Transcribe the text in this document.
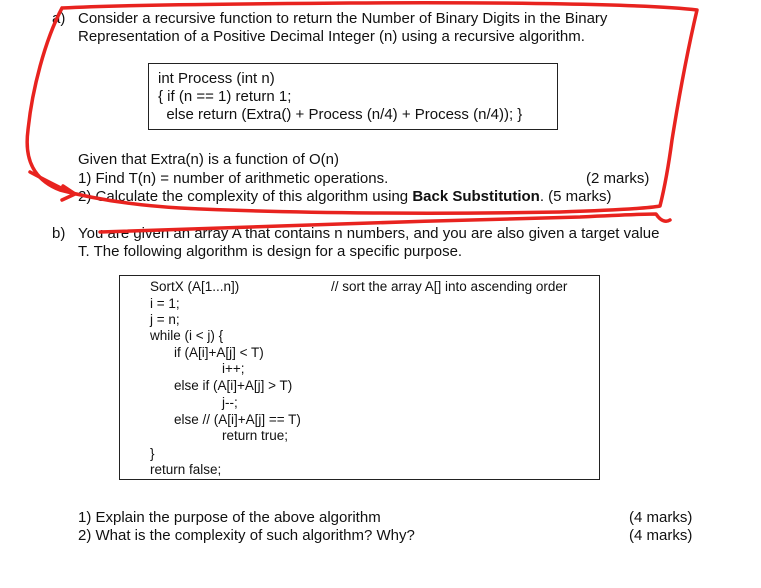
a) Consider a recursive function to return the Number of Binary Digits in the Binary
Representation of a Positive Decimal Integer (n) using a recursive algorithm.
int Process (int n)
{ if (n == 1) return 1;
else return (Extra() + Process (n/4) + Process (n/4)); }
Given that Extra(n) is a function of O(n)
1) Find T(n) = number of arithmetic operations.	(2 marks)
2) Calculate the complexity of this algorithm using Back Substitution. (5 marks)
b) You are given an array A that contains n numbers, and you are also given a target value
T. The following algorithm is design for a specific purpose.
SortX (A[1...n])	// sort the array A[] into ascending order
i = 1;
j = n;
while (i < j) {
if (A[i]+A[j] < T)
i++;
else if (A[i]+A[j] > T)
j--;
else // (A[i]+A[j] == T)
return true;
}
return false;
1) Explain the purpose of the above algorithm	(4 marks)
2) What is the complexity of such algorithm? Why?	(4 marks)
